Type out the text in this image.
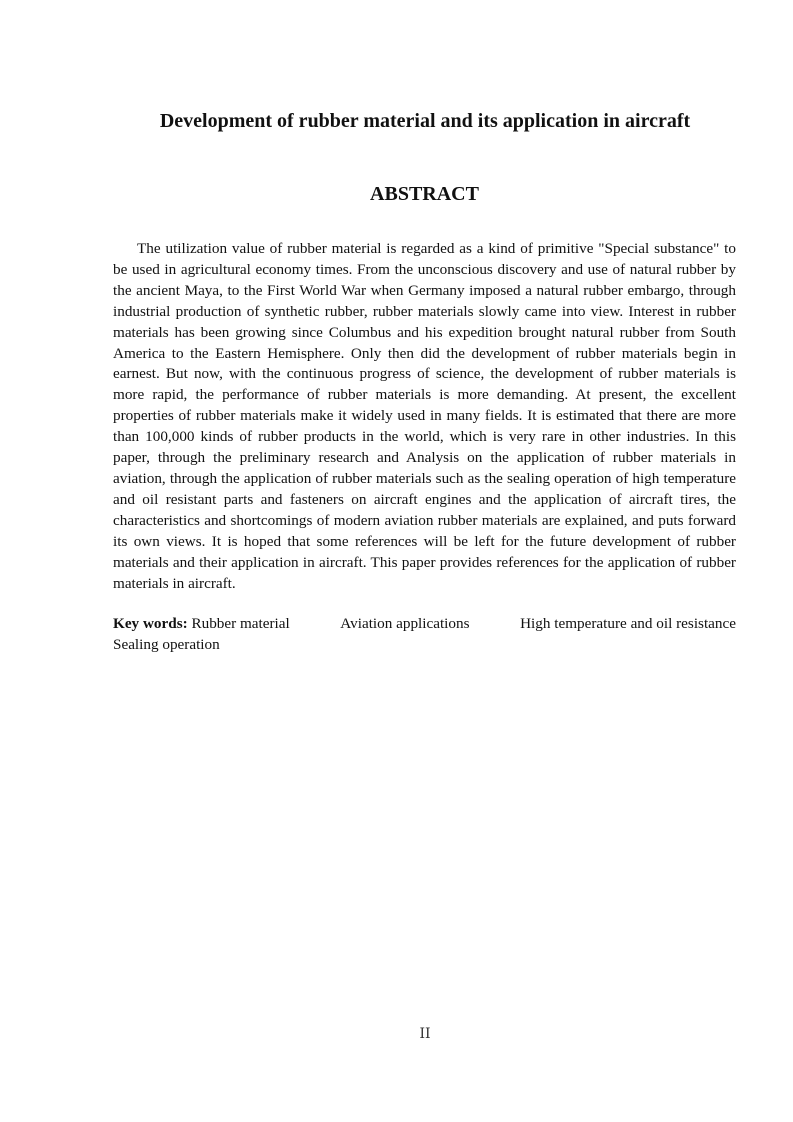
Development of rubber material and its application in aircraft
ABSTRACT

The utilization value of rubber material is regarded as a kind of primitive "Special substance" to be used in agricultural economy times. From the unconscious discovery and use of natural rubber by the ancient Maya, to the First World War when Germany imposed a natural rubber embargo, through industrial production of synthetic rubber, rubber materials slowly came into view. Interest in rubber materials has been growing since Columbus and his expedition brought natural rubber from South America to the Eastern Hemisphere. Only then did the development of rubber materials begin in earnest. But now, with the continuous progress of science, the development of rubber materials is more rapid, the performance of rubber materials is more demanding. At present, the excellent properties of rubber materials make it widely used in many fields. It is estimated that there are more than 100,000 kinds of rubber products in the world, which is very rare in other industries. In this paper, through the preliminary research and Analysis on the application of rubber materials in aviation, through the application of rubber materials such as the sealing operation of high temperature and oil resistant parts and fasteners on aircraft engines and the application of aircraft tires, the characteristics and shortcomings of modern aviation rubber materials are explained, and puts forward its own views. It is hoped that some references will be left for the future development of rubber materials and their application in aircraft. This paper provides references for the application of rubber materials in aircraft.

Key words: Rubber material	Aviation applications	High temperature and oil resistance
Sealing operation

II
